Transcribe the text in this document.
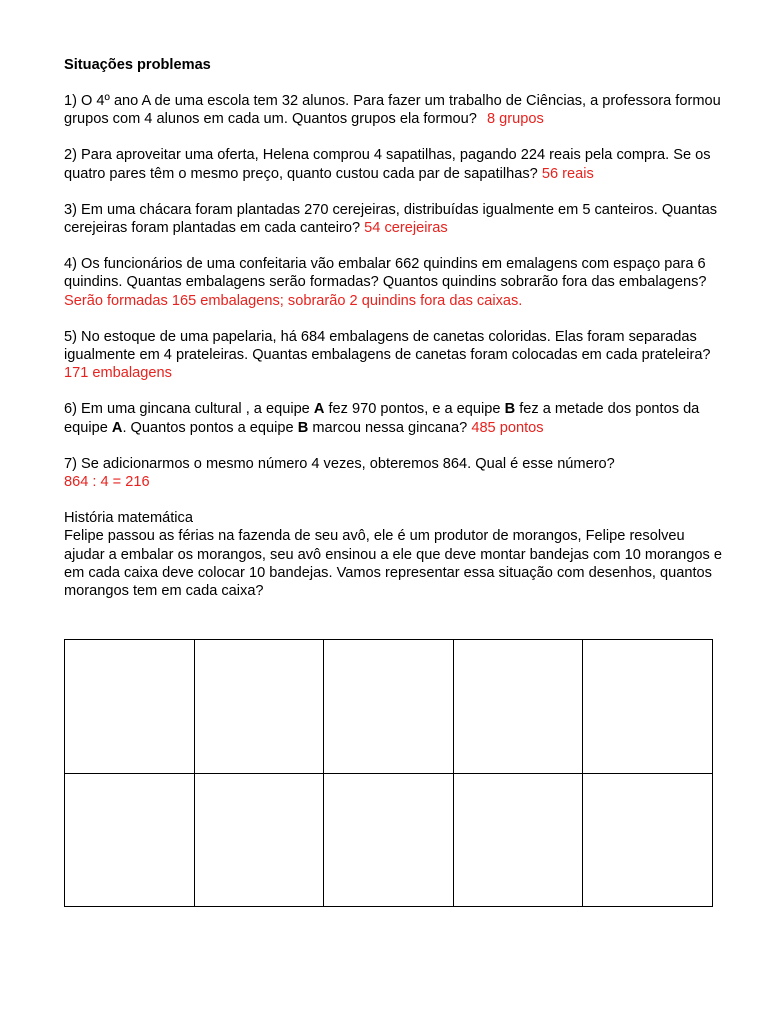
Situações problemas

1) O 4º ano A de uma escola tem 32 alunos. Para fazer um trabalho de Ciências, a professora formou grupos com 4 alunos em cada um. Quantos grupos ela formou? 8 grupos

2) Para aproveitar uma oferta, Helena comprou 4 sapatilhas, pagando 224 reais pela compra. Se os quatro pares têm o mesmo preço, quanto custou cada par de sapatilhas? 56 reais

3) Em uma chácara foram plantadas 270 cerejeiras, distribuídas igualmente em 5 canteiros. Quantas cerejeiras foram plantadas em cada canteiro? 54 cerejeiras

4) Os funcionários de uma confeitaria vão embalar 662 quindins em emalagens com espaço para 6 quindins. Quantas embalagens serão formadas? Quantos quindins sobrarão fora das embalagens?
Serão formadas 165 embalagens; sobrarão 2 quindins fora das caixas.

5) No estoque de uma papelaria, há 684 embalagens de canetas coloridas. Elas foram separadas igualmente em 4 prateleiras. Quantas embalagens de canetas foram colocadas em cada prateleira?
171 embalagens

6) Em uma gincana cultural , a equipe A fez 970 pontos, e a equipe B fez a metade dos pontos da equipe A. Quantos pontos a equipe B marcou nessa gincana? 485 pontos

7) Se adicionarmos o mesmo número 4 vezes, obteremos 864. Qual é esse número?
864 : 4 = 216

História matemática

Felipe passou as férias na fazenda de seu avô, ele é um produtor de morangos, Felipe resolveu ajudar a embalar os morangos, seu avô ensinou a ele que deve montar bandejas com 10 morangos e em cada caixa deve colocar 10 bandejas. Vamos representar essa situação com desenhos, quantos morangos tem em cada caixa?
